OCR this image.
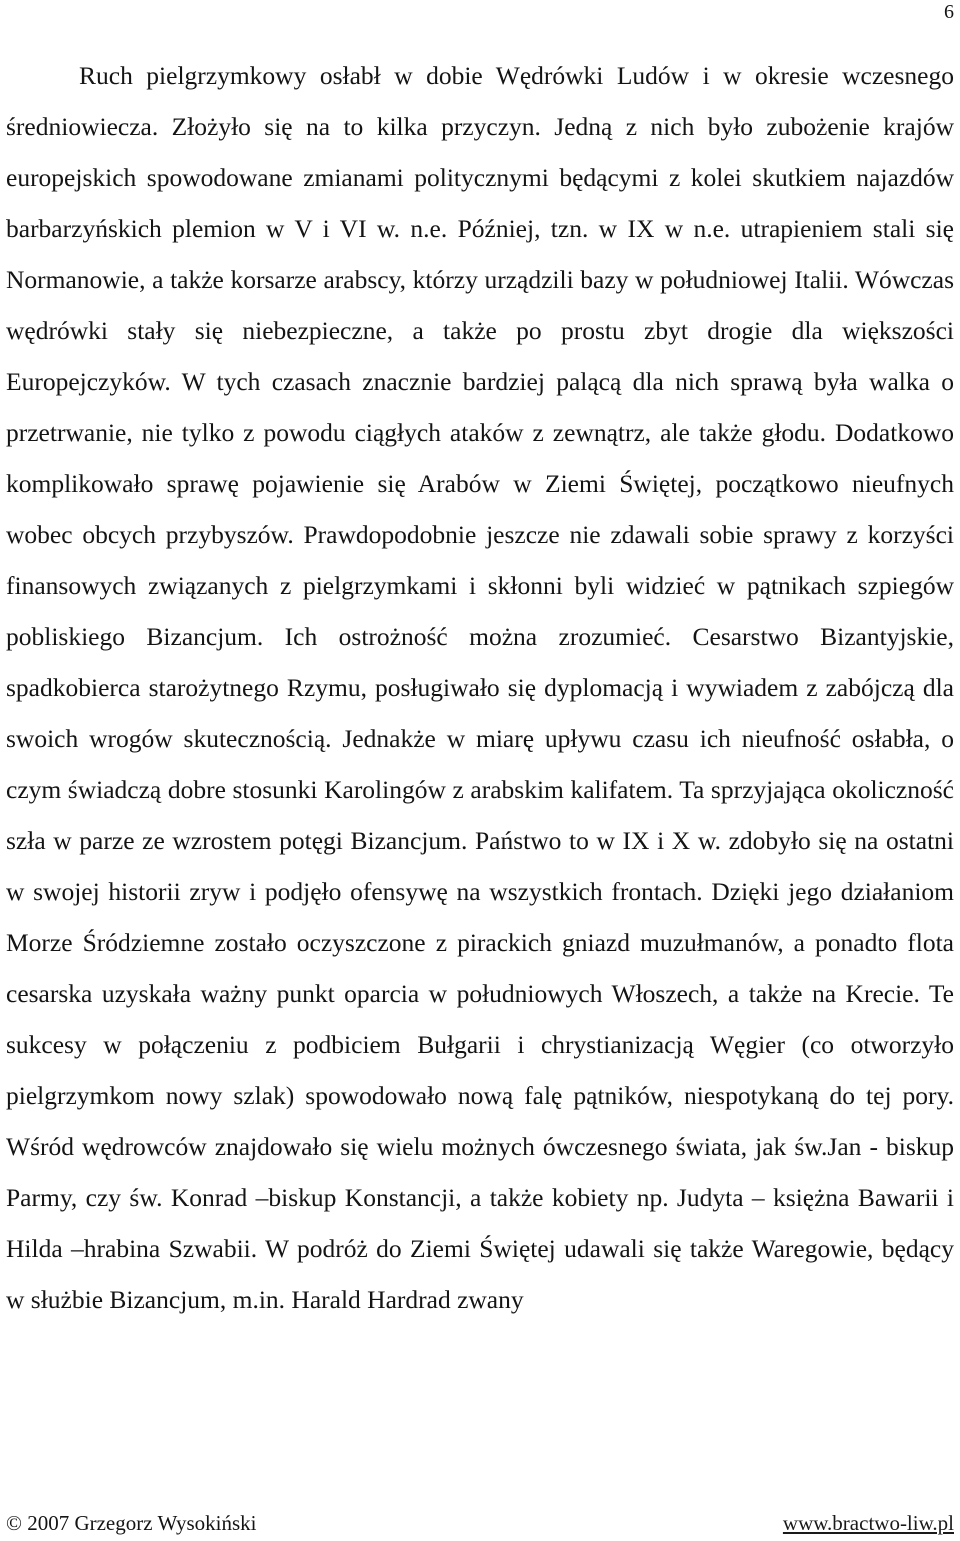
6

Ruch pielgrzymkowy osłabł w dobie Wędrówki Ludów i w okresie wczesnego średniowiecza. Złożyło się na to kilka przyczyn. Jedną z nich było zubożenie krajów europejskich spowodowane zmianami politycznymi będącymi z kolei skutkiem najazdów barbarzyńskich plemion w V i VI w. n.e. Później, tzn. w IX w n.e. utrapieniem stali się Normanowie, a także korsarze arabscy, którzy urządzili bazy w południowej Italii. Wówczas wędrówki stały się niebezpieczne, a także po prostu zbyt drogie dla większości Europejczyków. W tych czasach znacznie bardziej palącą dla nich sprawą była walka o przetrwanie, nie tylko z powodu ciągłych ataków z zewnątrz, ale także głodu. Dodatkowo komplikowało sprawę pojawienie się Arabów w Ziemi Świętej, początkowo nieufnych wobec obcych przybyszów. Prawdopodobnie jeszcze nie zdawali sobie sprawy z korzyści finansowych związanych z pielgrzymkami i skłonni byli widzieć w pątnikach szpiegów pobliskiego Bizancjum. Ich ostrożność można zrozumieć. Cesarstwo Bizantyjskie, spadkobierca starożytnego Rzymu, posługiwało się dyplomacją i wywiadem z zabójczą dla swoich wrogów skutecznością. Jednakże w miarę upływu czasu ich nieufność osłabła, o czym świadczą dobre stosunki Karolingów z arabskim kalifatem. Ta sprzyjająca okoliczność szła w parze ze wzrostem potęgi Bizancjum. Państwo to w IX i X w. zdobyło się na ostatni w swojej historii zryw i podjęło ofensywę na wszystkich frontach. Dzięki jego działaniom Morze Śródziemne zostało oczyszczone z pirackich gniazd muzułmanów, a ponadto flota cesarska uzyskała ważny punkt oparcia w południowych Włoszech, a także na Krecie. Te sukcesy w połączeniu z podbiciem Bułgarii i chrystianizacją Węgier (co otworzyło pielgrzymkom nowy szlak) spowodowało nową falę pątników, niespotykaną do tej pory. Wśród wędrowców znajdowało się wielu możnych ówczesnego świata, jak św.Jan - biskup Parmy, czy św. Konrad –biskup Konstancji, a także kobiety np. Judyta – księżna Bawarii i Hilda –hrabina Szwabii. W podróż do Ziemi Świętej udawali się także Waregowie, będący w służbie Bizancjum, m.in. Harald Hardrad zwany

© 2007 Grzegorz Wysokiński	www.bractwo-liw.pl
